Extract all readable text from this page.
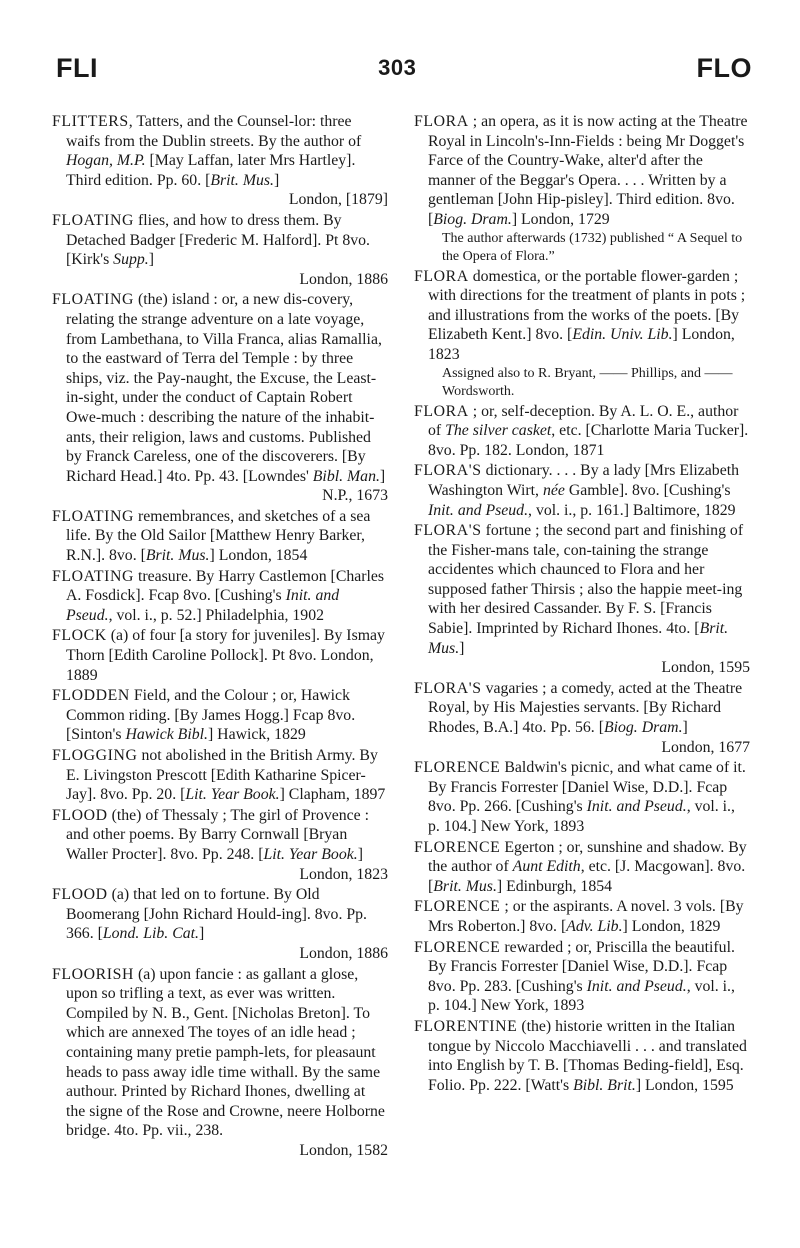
FLI	303	FLO

FLITTERS, Tatters, and the Counsel-lor: three waifs from the Dublin streets. By the author of Hogan, M.P. [May Laffan, later Mrs Hartley]. Third edition. Pp. 60. [Brit. Mus.]
London, [1879]

FLOATING flies, and how to dress them. By Detached Badger [Frederic M. Halford]. Pt 8vo. [Kirk's Supp.]
London, 1886

FLOATING (the) island : or, a new dis-covery, relating the strange adventure on a late voyage, from Lambethana, to Villa Franca, alias Ramallia, to the eastward of Terra del Temple : by three ships, viz. the Pay-naught, the Excuse, the Least-in-sight, under the conduct of Captain Robert Owe-much : describing the nature of the inhabit-ants, their religion, laws and customs. Published by Franck Careless, one of the discoverers. [By Richard Head.] 4to. Pp. 43. [Lowndes' Bibl. Man.]
N.P., 1673

FLOATING remembrances, and sketches of a sea life. By the Old Sailor [Matthew Henry Barker, R.N.]. 8vo. [Brit. Mus.] London, 1854

FLOATING treasure. By Harry Castlemon [Charles A. Fosdick]. Fcap 8vo. [Cushing's Init. and Pseud., vol. i., p. 52.] Philadelphia, 1902

FLOCK (a) of four [a story for juveniles]. By Ismay Thorn [Edith Caroline Pollock]. Pt 8vo. London, 1889

FLODDEN Field, and the Colour ; or, Hawick Common riding. [By James Hogg.] Fcap 8vo. [Sinton's Hawick Bibl.] Hawick, 1829

FLOGGING not abolished in the British Army. By E. Livingston Prescott [Edith Katharine Spicer-Jay]. 8vo. Pp. 20. [Lit. Year Book.] Clapham, 1897

FLOOD (the) of Thessaly ; The girl of Provence : and other poems. By Barry Cornwall [Bryan Waller Procter]. 8vo. Pp. 248. [Lit. Year Book.]
London, 1823

FLOOD (a) that led on to fortune. By Old Boomerang [John Richard Hould-ing]. 8vo. Pp. 366. [Lond. Lib. Cat.]
London, 1886

FLOORISH (a) upon fancie : as gallant a glose, upon so trifling a text, as ever was written. Compiled by N. B., Gent. [Nicholas Breton]. To which are annexed The toyes of an idle head ; containing many pretie pamph-lets, for pleasaunt heads to pass away idle time withall. By the same authour. Printed by Richard Ihones, dwelling at the signe of the Rose and Crowne, neere Holborne bridge. 4to. Pp. vii., 238.
London, 1582

FLORA ; an opera, as it is now acting at the Theatre Royal in Lincoln's-Inn-Fields : being Mr Dogget's Farce of the Country-Wake, alter'd after the manner of the Beggar's Opera. . . . Written by a gentleman [John Hip-pisley]. Third edition. 8vo. [Biog. Dram.] London, 1729
The author afterwards (1732) published “ A Sequel to the Opera of Flora.”

FLORA domestica, or the portable flower-garden ; with directions for the treatment of plants in pots ; and illustrations from the works of the poets. [By Elizabeth Kent.] 8vo. [Edin. Univ. Lib.] London, 1823
Assigned also to R. Bryant, —— Phillips, and —— Wordsworth.

FLORA ; or, self-deception. By A. L. O. E., author of The silver casket, etc. [Charlotte Maria Tucker]. 8vo. Pp. 182. London, 1871

FLORA'S dictionary. . . . By a lady [Mrs Elizabeth Washington Wirt, née Gamble]. 8vo. [Cushing's Init. and Pseud., vol. i., p. 161.] Baltimore, 1829

FLORA'S fortune ; the second part and finishing of the Fisher-mans tale, con-taining the strange accidentes which chaunced to Flora and her supposed father Thirsis ; also the happie meet-ing with her desired Cassander. By F. S. [Francis Sabie]. Imprinted by Richard Ihones. 4to. [Brit. Mus.]
London, 1595

FLORA'S vagaries ; a comedy, acted at the Theatre Royal, by His Majesties servants. [By Richard Rhodes, B.A.] 4to. Pp. 56. [Biog. Dram.]
London, 1677

FLORENCE Baldwin's picnic, and what came of it. By Francis Forrester [Daniel Wise, D.D.]. Fcap 8vo. Pp. 266. [Cushing's Init. and Pseud., vol. i., p. 104.] New York, 1893

FLORENCE Egerton ; or, sunshine and shadow. By the author of Aunt Edith, etc. [J. Macgowan]. 8vo. [Brit. Mus.] Edinburgh, 1854

FLORENCE ; or the aspirants. A novel. 3 vols. [By Mrs Roberton.] 8vo. [Adv. Lib.] London, 1829

FLORENCE rewarded ; or, Priscilla the beautiful. By Francis Forrester [Daniel Wise, D.D.]. Fcap 8vo. Pp. 283. [Cushing's Init. and Pseud., vol. i., p. 104.] New York, 1893

FLORENTINE (the) historie written in the Italian tongue by Niccolo Macchiavelli . . . and translated into English by T. B. [Thomas Beding-field], Esq. Folio. Pp. 222. [Watt's Bibl. Brit.] London, 1595
